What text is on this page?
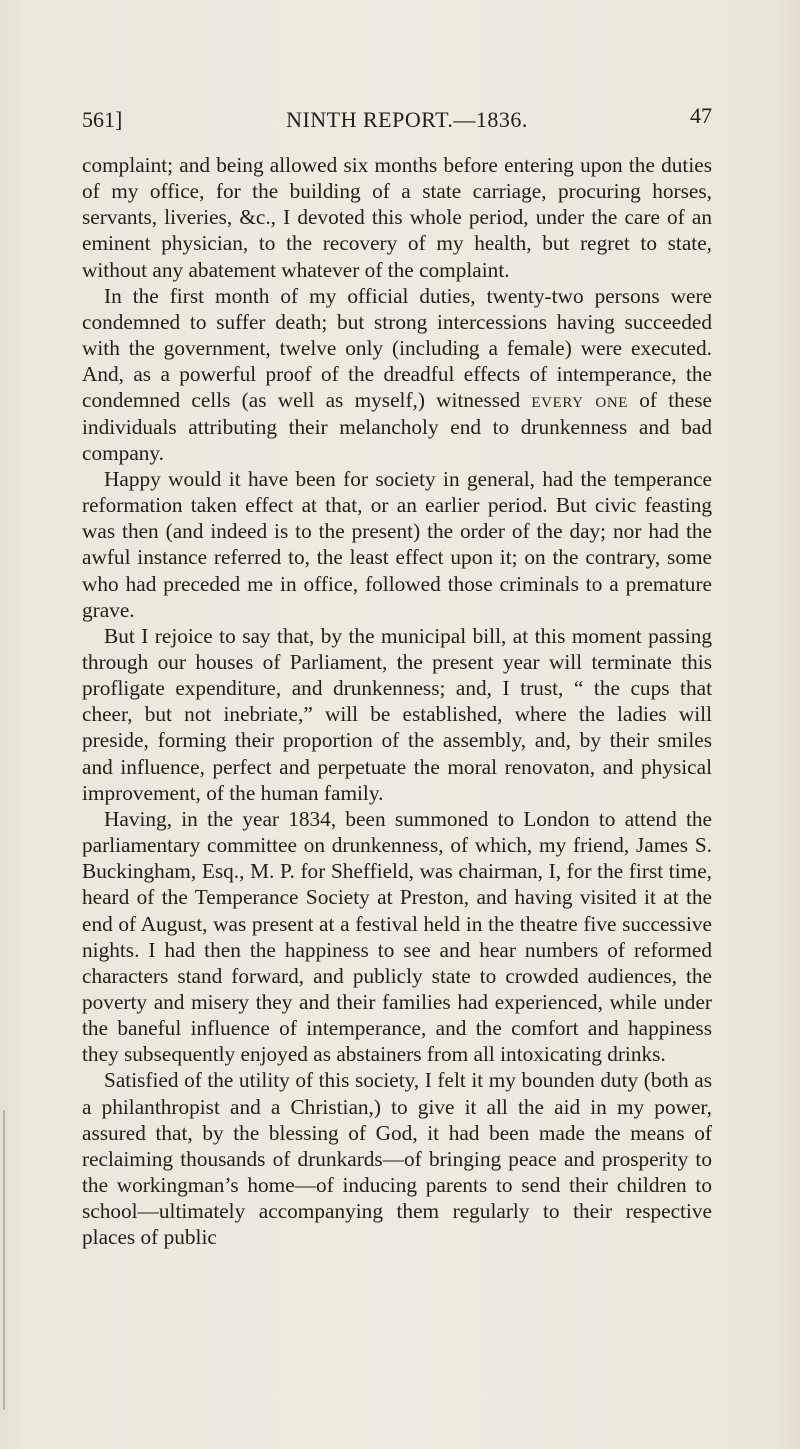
561]	NINTH REPORT.—1836.	47

complaint; and being allowed six months before entering upon the duties of my office, for the building of a state carriage, procuring horses, servants, liveries, &c., I devoted this whole period, under the care of an eminent physician, to the recovery of my health, but regret to state, without any abatement whatever of the complaint.

In the first month of my official duties, twenty-two persons were condemned to suffer death; but strong intercessions having succeeded with the government, twelve only (including a female) were executed. And, as a powerful proof of the dreadful effects of intemperance, the condemned cells (as well as myself,) witnessed every one of these individuals attributing their melancholy end to drunkenness and bad company.

Happy would it have been for society in general, had the temperance reformation taken effect at that, or an earlier period. But civic feasting was then (and indeed is to the present) the order of the day; nor had the awful instance referred to, the least effect upon it; on the contrary, some who had preceded me in office, followed those criminals to a premature grave.

But I rejoice to say that, by the municipal bill, at this moment passing through our houses of Parliament, the present year will terminate this profligate expenditure, and drunkenness; and, I trust, “ the cups that cheer, but not inebriate,” will be established, where the ladies will preside, forming their proportion of the assembly, and, by their smiles and influence, perfect and perpetuate the moral renovaton, and physical improvement, of the human family.

Having, in the year 1834, been summoned to London to attend the parliamentary committee on drunkenness, of which, my friend, James S. Buckingham, Esq., M. P. for Sheffield, was chairman, I, for the first time, heard of the Temperance Society at Preston, and having visited it at the end of August, was present at a festival held in the theatre five successive nights. I had then the happiness to see and hear numbers of reformed characters stand forward, and publicly state to crowded audiences, the poverty and misery they and their families had experienced, while under the baneful influence of intemperance, and the comfort and happiness they subsequently enjoyed as abstainers from all intoxicating drinks.

Satisfied of the utility of this society, I felt it my bounden duty (both as a philanthropist and a Christian,) to give it all the aid in my power, assured that, by the blessing of God, it had been made the means of reclaiming thousands of drunkards—of bringing peace and prosperity to the workingman’s home—of inducing parents to send their children to school—ultimately accompanying them regularly to their respective places of public
